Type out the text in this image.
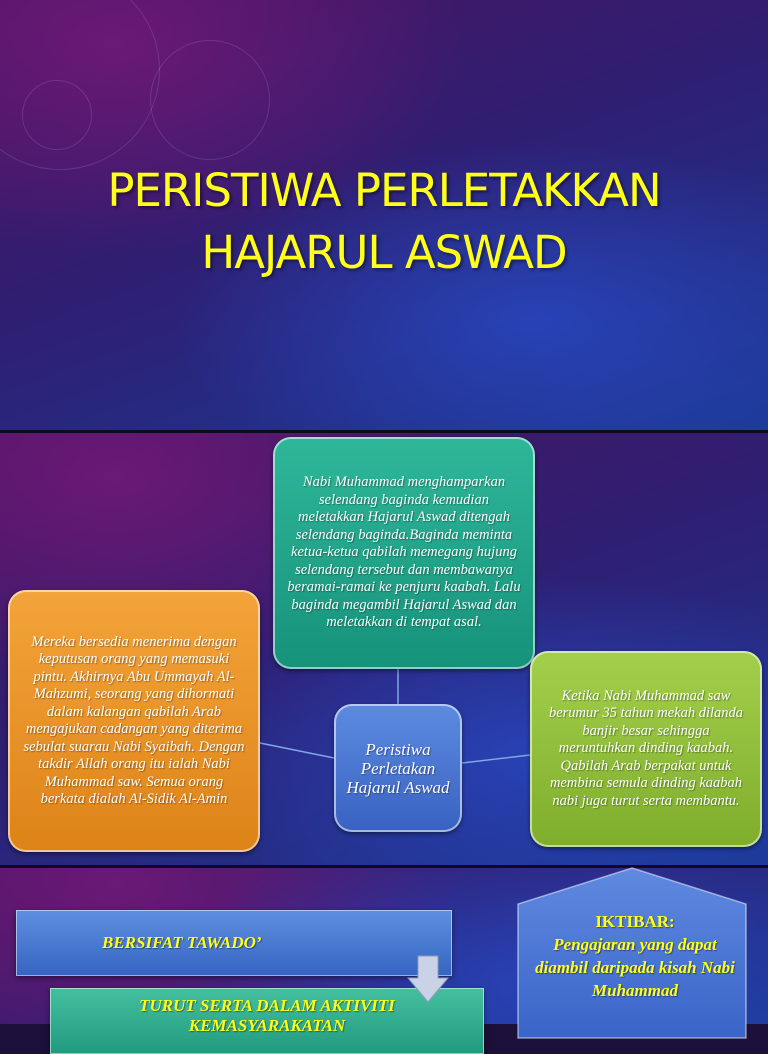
PERISTIWA PERLETAKKAN
HAJARUL ASWAD
Nabi Muhammad menghamparkan selendang baginda kemudian meletakkan Hajarul Aswad ditengah selendang baginda.Baginda meminta ketua-ketua qabilah memegang hujung selendang tersebut dan membawanya beramai-ramai ke penjuru kaabah. Lalu baginda megambil Hajarul Aswad dan meletakkan di tempat asal.
Mereka bersedia menerima dengan keputusan orang yang memasuki pintu. Akhirnya Abu Ummayah Al-Mahzumi, seorang yang dihormati dalam kalangan qabilah Arab mengajukan cadangan yang diterima sebulat suarau Nabi Syaibah. Dengan takdir Allah orang itu ialah Nabi Muhammad saw. Semua orang berkata dialah Al-Sidik Al-Amin
Ketika Nabi Muhammad saw berumur 35 tahun mekah dilanda banjir besar sehingga meruntuhkan dinding kaabah. Qabilah Arab berpakat untuk membina semula dinding kaabah nabi juga turut serta membantu.
Peristiwa Perletakan Hajarul Aswad
BERSIFAT TAWADO’
TURUT SERTA DALAM AKTIVITI KEMASYARAKATAN
IKTIBAR:
Pengajaran yang dapat diambil daripada kisah Nabi Muhammad
